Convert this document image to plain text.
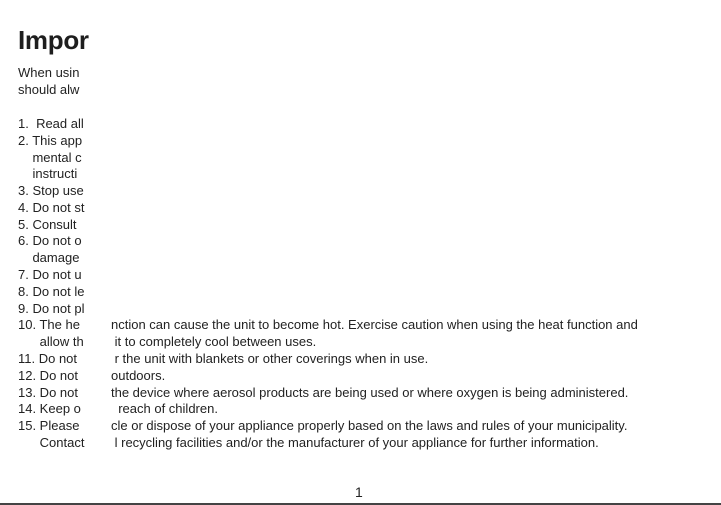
Impor
When usin
should alw
1.  Read all
2. This app
mental c
instructi
3. Stop use
4. Do not st
5. Consult
6. Do not o
damage
7. Do not u
8. Do not le
9. Do not pl
10. The he
allow th
11. Do not
12. Do not
13. Do not
14. Keep o
15. Please
Contact
nction can cause the unit to become hot. Exercise caution when using the heat function and
it to completely cool between uses.
r the unit with blankets or other coverings when in use.
outdoors.
the device where aerosol products are being used or where oxygen is being administered.
reach of children.
cle or dispose of your appliance properly based on the laws and rules of your municipality.
l recycling facilities and/or the manufacturer of your appliance for further information.
1
